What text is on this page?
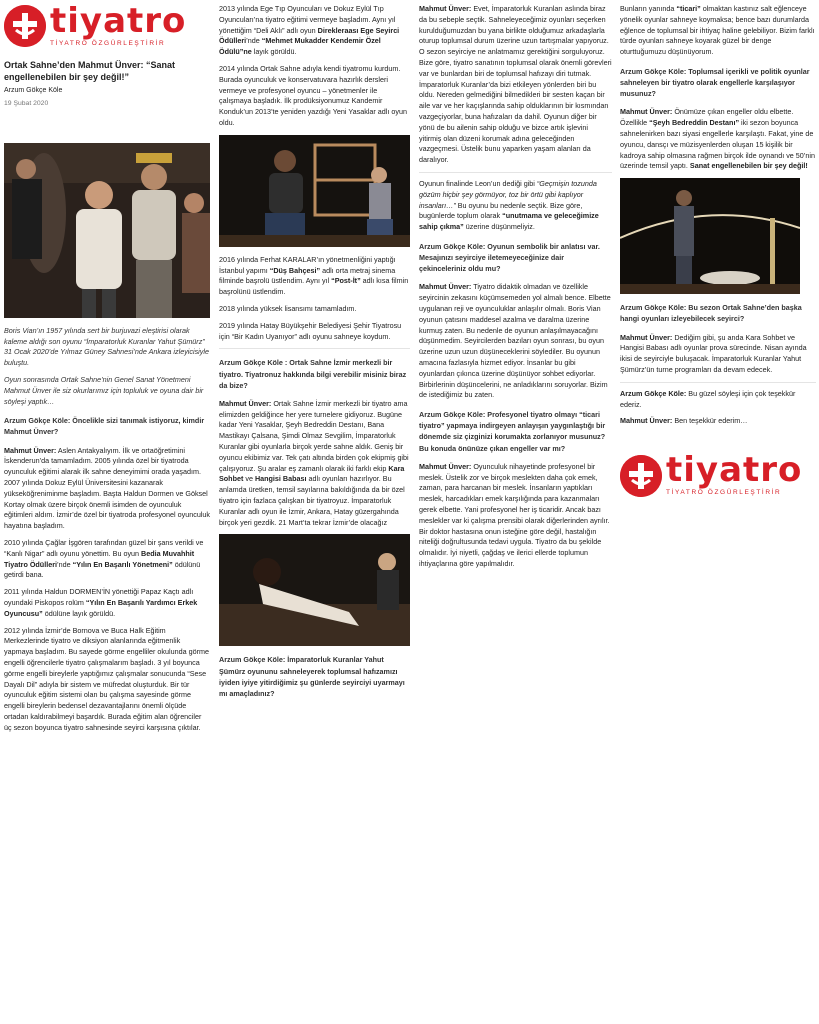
tiyatro
TİYATRO ÖZGÜRLEŞTİRİR
Ortak Sahne’den Mahmut Ünver: “Sanat engellenebilen bir şey değil!”
Arzum Gökçe Köle
19 Şubat 2020

Boris Vian’ın 1957 yılında sert bir burjuvazi eleştirisi olarak kaleme aldığı son oyunu “İmparatorluk Kuranlar Yahut Şümürz” 31 Ocak 2020’de Yılmaz Güney Sahnesi’nde Ankara izleyicisiyle buluştu.

Oyun sonrasında Ortak Sahne’nin Genel Sanat Yönetmeni Mahmut Ünver ile siz okurlarımız için topluluk ve oyuna dair bir söyleşi yaptık…

Arzum Gökçe Köle: Öncelikle sizi tanımak istiyoruz, kimdir Mahmut Ünver?

Mahmut Ünver: Aslen Antakyalıyım. İlk ve ortaöğretimini İskenderun’da tamamladım. 2005 yılında özel bir tiyatroda oyunculuk eğitimi alarak ilk sahne deneyimimi orada yaşadım. 2007 yılında Dokuz Eylül Üniversitesini kazanarak yükseköğreniminme başladım. Başta Haldun Dormen ve Göksel Kortay olmak üzere birçok önemli isimden de oyunculuk eğitimleri aldım. İzmir’de özel bir tiyatroda profesyonel oyunculuk hayatına başladım.

2010 yılında Çağlar İşgören tarafından güzel bir şans verildi ve “Kanlı Nigar” adlı oyunu yönettim. Bu oyun Bedia Muvahhit Tiyatro Ödülleri’nde “Yılın En Başarılı Yönetmeni” ödülünü getirdi bana.

2011 yılında Haldun DORMEN’İN yönettiği Papaz Kaçtı adlı oyundaki Piskopos rolüm “Yılın En Başarılı Yardımcı Erkek Oyuncusu” ödülüne layık görüldü.

2012 yılında İzmir’de Bornova ve Buca Halk Eğitim Merkezlerinde tiyatro ve diksiyon alanlarında eğitmenlik yapmaya başladım. Bu sayede görme engelliler okulunda görme engelli öğrencilerle tiyatro çalışmalarım başladı. 3 yıl boyunca görme engelli bireylerle yaptığımız çalışmalar sonucunda “Sese Dayalı Dil” adıyla bir sistem ve müfredat oluşturduk. Bir tür oyunculuk eğitim sistemi olan bu çalışma sayesinde görme engelli bireylerin bedensel dezavantajlarını önemli ölçüde ortadan kaldırabilmeyi başardık. Burada eğitim alan öğrenciler üç sezon boyunca tiyatro sahnesinde seyirci karşısına çıktılar.

2013 yılında Ege Tıp Oyuncuları ve Dokuz Eylül Tıp Oyuncuları’na tiyatro eğitimi vermeye başladım. Aynı yıl yönettiğim “Deli Aklı” adlı oyun Direkleraası Ege Seyirci Ödülleri’nde “Mehmet Mukadder Kendemir Özel Ödülü”ne layık görüldü.

2014 yılında Ortak Sahne adıyla kendi tiyatromu kurdum. Burada oyunculuk ve konservatuvara hazırlık dersleri vermeye ve profesyonel oyuncu – yönetmenler ile çalışmaya başladık. İlk prodüksiyonumuz Kandemir Konduk’un 2013’te yeniden yazdığı Yeni Yasaklar adlı oyun oldu.

2016 yılında Ferhat KARALAR’ın yönetmenliğini yaptığı İstanbul yapımı “Düş Bahçesi” adlı orta metraj sinema filminde başrolü üstlendim. Aynı yıl “Post-İt” adlı kısa filmin başrolünü üstlendim.

2018 yılında yüksek lisansımı tamamladım.

2019 yılında Hatay Büyükşehir Belediyesi Şehir Tiyatrosu için “Bir Kadın Uyanıyor” adlı oyunu sahneye koydum.

Arzum Gökçe Köle : Ortak Sahne İzmir merkezli bir tiyatro. Tiyatronuz hakkında bilgi verebilir misiniz biraz da bize?

Mahmut Ünver: Ortak Sahne İzmir merkezli bir tiyatro ama elimizden geldiğince her yere turnelere gidiyoruz. Bugüne kadar Yeni Yasaklar, Şeyh Bedreddin Destanı, Bana Mastikayı Çalsana, Şimdi Olmaz Sevgilim, İmparatorluk Kuranlar gibi oyunlarla birçok yerde sahne aldık. Geniş bir oyuncu ekibimiz var. Tek çatı altında birden çok ekipmiş gibi çalışıyoruz. Şu aralar eş zamanlı olarak iki farklı ekip Kara Sohbet ve Hangisi Babası adlı oyunları hazırlıyor. Bu anlamda üretken, temsil sayılarına bakıldığında da bir özel tiyatro için fazlaca çalışkan bir tiyatroyuz. İmparatorluk Kuranlar adlı oyun ile İzmir, Ankara, Hatay güzergahında birçok yeri gezdik. 21 Mart’ta tekrar İzmir’de olacağız

Arzum Gökçe Köle: İmparatorluk Kuranlar Yahut Şümürz oyununu sahneleyerek toplumsal hafızamızı iyiden iyiye yitirdiğimiz şu günlerde seyirciyi uyarmayı mı amaçladınız?

Mahmut Ünver: Evet, İmparatorluk Kuranları aslında biraz da bu sebeple seçtik. Sahneleyeceğimiz oyunları seçerken kurulduğumuzdan bu yana birlikte olduğumuz arkadaşlarla oturup toplumsal durum üzerine uzun tartışmalar yapıyoruz. O sezon seyirciye ne anlatmamız gerektiğini sorguluyoruz. Bize göre, tiyatro sanatının toplumsal olarak önemli görevleri var ve bunlardan biri de toplumsal hafızayı diri tutmak. İmparatorluk Kuranlar’da bizi etkileyen yönlerden biri bu oldu. Nereden gelmediğini bilmedikleri bir sesten kaçan bir aile var ve her kaçışlarında sahip olduklarının bir kısmından vazgeçiyorlar, buna hafızaları da dahil. Oyunun diğer bir yönü de bu ailenin sahip olduğu ve bizce artık işlevini yitirmiş olan düzeni korumak adına geleceğinden vazgeçmesi. Üstelik bunu yaparken yaşam alanları da daralıyor.

Oyunun finalinde Leon’un dediği gibi “Geçmişin tozunda gözüm hiçbir şey görmüyor, toz bir örtü gibi kaplıyor insanları…” Bu oyunu bu nedenle seçtik. Bize göre, bugünlerde toplum olarak “unutmama ve geleceğimize sahip çıkma” üzerine düşünmeliyiz.

Arzum Gökçe Köle: Oyunun sembolik bir anlatısı var. Mesajınızı seyirciye iletemeyeceğinize dair çekinceleriniz oldu mu?

Mahmut Ünver: Tiyatro didaktik olmadan ve özellikle seyircinin zekasını küçümsemeden yol almalı bence. Elbette uygulanan reji ve oyunculuklar anlaşılır olmalı. Boris Vian oyunun çatısını maddesel azalma ve daralma üzerine kurmuş zaten. Bu nedenle de oyunun anlaşılmayacağını düşünmedim. Seyircilerden bazıları oyun sonrası, bu oyun üzerine uzun uzun düşüneceklerini söylediler. Bu oyunun amacına fazlasıyla hizmet ediyor. İnsanlar bu gibi oyunlardan çıkınca üzerine düşünüyor sohbet ediyorlar. Birbirlerinin düşüncelerini, ne anladıklarını soruyorlar. Bizim de istediğimiz bu zaten.

Arzum Gökçe Köle: Profesyonel tiyatro olmayı “ticari tiyatro” yapmaya indirgeyen anlayışın yaygınlaştığı bir dönemde siz çizginizi korumakta zorlanıyor musunuz? Bu konuda önünüze çıkan engeller var mı?

Mahmut Ünver: Oyunculuk nihayetinde profesyonel bir meslek. Üstelik zor ve birçok meslekten daha çok emek, zaman, para harcanan bir meslek. İnsanların yaptıkları meslek, harcadıkları emek karşılığında para kazanmaları gerek elbette. Yani profesyonel her iş ticaridir. Ancak bazı meslekler var ki çalışma prensibi olarak diğerlerinden ayrılır. Bir doktor hastasına onun isteğine göre değil, hastalığın niteliği doğrultusunda tedavi uygula. Tiyatro da bu şekilde olmalıdır. İyi niyetli, çağdaş ve ilerici ellerde toplumun ihtiyaçlarına göre yapılmalıdır.

Bunların yanında “ticari” olmaktan kastınız salt eğlenceye yönelik oyunlar sahneye koymaksa; bence bazı durumlarda eğlence de toplumsal bir ihtiyaç haline gelebiliyor. Bizim farklı türde oyunları sahneye koyarak güzel bir denge oturttuğumuzu düşünüyorum.

Arzum Gökçe Köle: Toplumsal içerikli ve politik oyunlar sahneleyen bir tiyatro olarak engellerle karşılaşıyor musunuz?

Mahmut Ünver: Önümüze çıkan engeller oldu elbette. Özellikle “Şeyh Bedreddin Destanı” iki sezon boyunca sahnelenirken bazı siyasi engellerle karşılaştı. Fakat, yine de oyuncu, dansçı ve müzisyenlerden oluşan 15 kişilik bir kadroya sahip olmasına rağmen birçok ilde oynandı ve 50’nin üzerinde temsil yaptı. Sanat engellenebilen bir şey değil!

Arzum Gökçe Köle: Bu sezon Ortak Sahne’den başka hangi oyunları izleyebilecek seyirci?

Mahmut Ünver: Dediğim gibi, şu anda Kara Sohbet ve Hangisi Babası adlı oyunlar prova sürecinde. Nisan ayında ikisi de seyirciyle buluşacak. İmparatorluk Kuranlar Yahut Şümürz’ün turne programları da devam edecek.

Arzum Gökçe Köle: Bu güzel söyleşi için çok teşekkür ederiz.

Mahmut Ünver: Ben teşekkür ederim…

tiyatro
TİYATRO ÖZGÜRLEŞTİRİR
